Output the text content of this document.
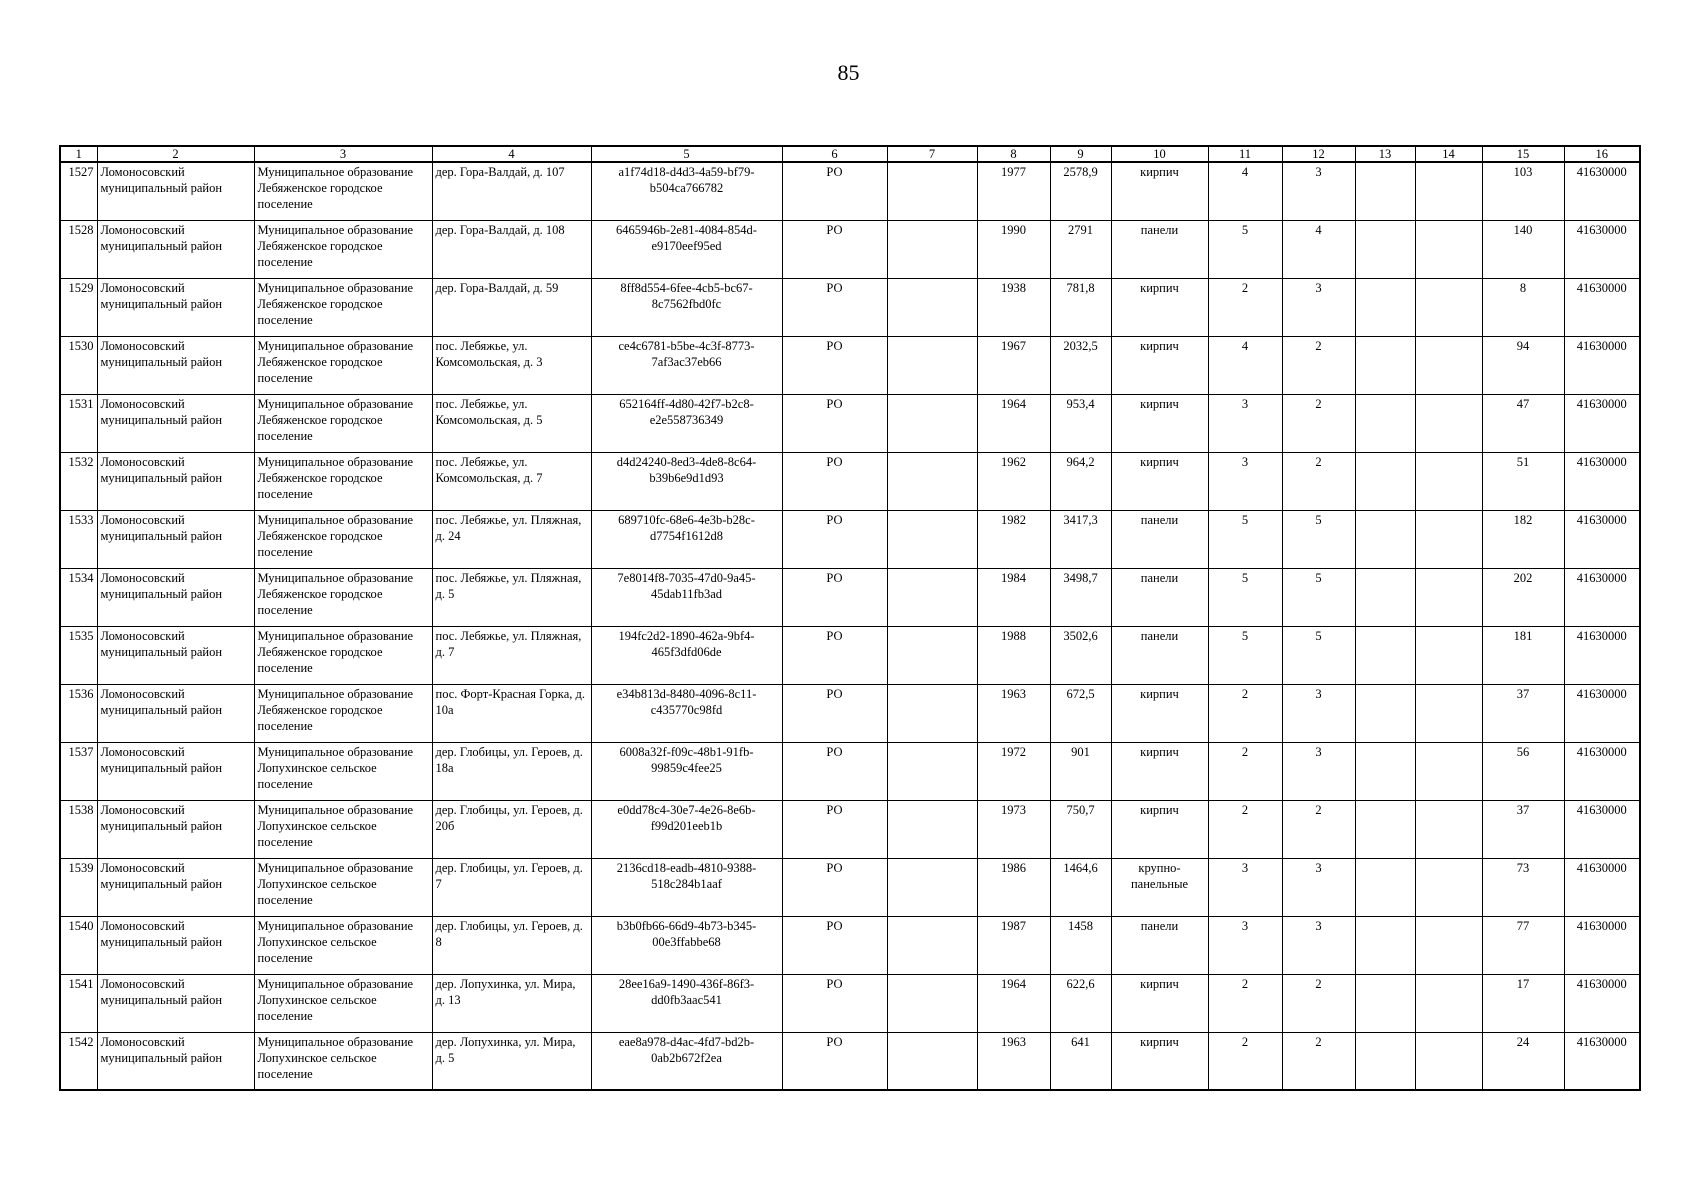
85
1	2	3	4	5	6	7	8	9	10	11	12	13	14	15	16
1527	Ломоносовский муниципальный район	Муниципальное образование Лебяженское городское поселение	дер. Гора-Валдай, д. 107	a1f74d18-d4d3-4a59-bf79-b504ca766782	РО		1977	2578,9	кирпич	4	3			103	41630000
1528	Ломоносовский муниципальный район	Муниципальное образование Лебяженское городское поселение	дер. Гора-Валдай, д. 108	6465946b-2e81-4084-854d-e9170eef95ed	РО		1990	2791	панели	5	4			140	41630000
1529	Ломоносовский муниципальный район	Муниципальное образование Лебяженское городское поселение	дер. Гора-Валдай, д. 59	8ff8d554-6fee-4cb5-bc67-8c7562fbd0fc	РО		1938	781,8	кирпич	2	3			8	41630000
1530	Ломоносовский муниципальный район	Муниципальное образование Лебяженское городское поселение	пос. Лебяжье, ул. Комсомольская, д. 3	ce4c6781-b5be-4c3f-8773-7af3ac37eb66	РО		1967	2032,5	кирпич	4	2			94	41630000
1531	Ломоносовский муниципальный район	Муниципальное образование Лебяженское городское поселение	пос. Лебяжье, ул. Комсомольская, д. 5	652164ff-4d80-42f7-b2c8-e2e558736349	РО		1964	953,4	кирпич	3	2			47	41630000
1532	Ломоносовский муниципальный район	Муниципальное образование Лебяженское городское поселение	пос. Лебяжье, ул. Комсомольская, д. 7	d4d24240-8ed3-4de8-8c64-b39b6e9d1d93	РО		1962	964,2	кирпич	3	2			51	41630000
1533	Ломоносовский муниципальный район	Муниципальное образование Лебяженское городское поселение	пос. Лебяжье, ул. Пляжная, д. 24	689710fc-68e6-4e3b-b28c-d7754f1612d8	РО		1982	3417,3	панели	5	5			182	41630000
1534	Ломоносовский муниципальный район	Муниципальное образование Лебяженское городское поселение	пос. Лебяжье, ул. Пляжная, д. 5	7e8014f8-7035-47d0-9a45-45dab11fb3ad	РО		1984	3498,7	панели	5	5			202	41630000
1535	Ломоносовский муниципальный район	Муниципальное образование Лебяженское городское поселение	пос. Лебяжье, ул. Пляжная, д. 7	194fc2d2-1890-462a-9bf4-465f3dfd06de	РО		1988	3502,6	панели	5	5			181	41630000
1536	Ломоносовский муниципальный район	Муниципальное образование Лебяженское городское поселение	пос. Форт-Красная Горка, д. 10а	e34b813d-8480-4096-8c11-c435770c98fd	РО		1963	672,5	кирпич	2	3			37	41630000
1537	Ломоносовский муниципальный район	Муниципальное образование Лопухинское сельское поселение	дер. Глобицы, ул. Героев, д. 18а	6008a32f-f09c-48b1-91fb-99859c4fee25	РО		1972	901	кирпич	2	3			56	41630000
1538	Ломоносовский муниципальный район	Муниципальное образование Лопухинское сельское поселение	дер. Глобицы, ул. Героев, д. 20б	e0dd78c4-30e7-4e26-8e6b-f99d201eeb1b	РО		1973	750,7	кирпич	2	2			37	41630000
1539	Ломоносовский муниципальный район	Муниципальное образование Лопухинское сельское поселение	дер. Глобицы, ул. Героев, д. 7	2136cd18-eadb-4810-9388-518c284b1aaf	РО		1986	1464,6	крупно-панельные	3	3			73	41630000
1540	Ломоносовский муниципальный район	Муниципальное образование Лопухинское сельское поселение	дер. Глобицы, ул. Героев, д. 8	b3b0fb66-66d9-4b73-b345-00e3ffabbe68	РО		1987	1458	панели	3	3			77	41630000
1541	Ломоносовский муниципальный район	Муниципальное образование Лопухинское сельское поселение	дер. Лопухинка, ул. Мира, д. 13	28ee16a9-1490-436f-86f3-dd0fb3aac541	РО		1964	622,6	кирпич	2	2			17	41630000
1542	Ломоносовский муниципальный район	Муниципальное образование Лопухинское сельское поселение	дер. Лопухинка, ул. Мира, д. 5	eae8a978-d4ac-4fd7-bd2b-0ab2b672f2ea	РО		1963	641	кирпич	2	2			24	41630000
